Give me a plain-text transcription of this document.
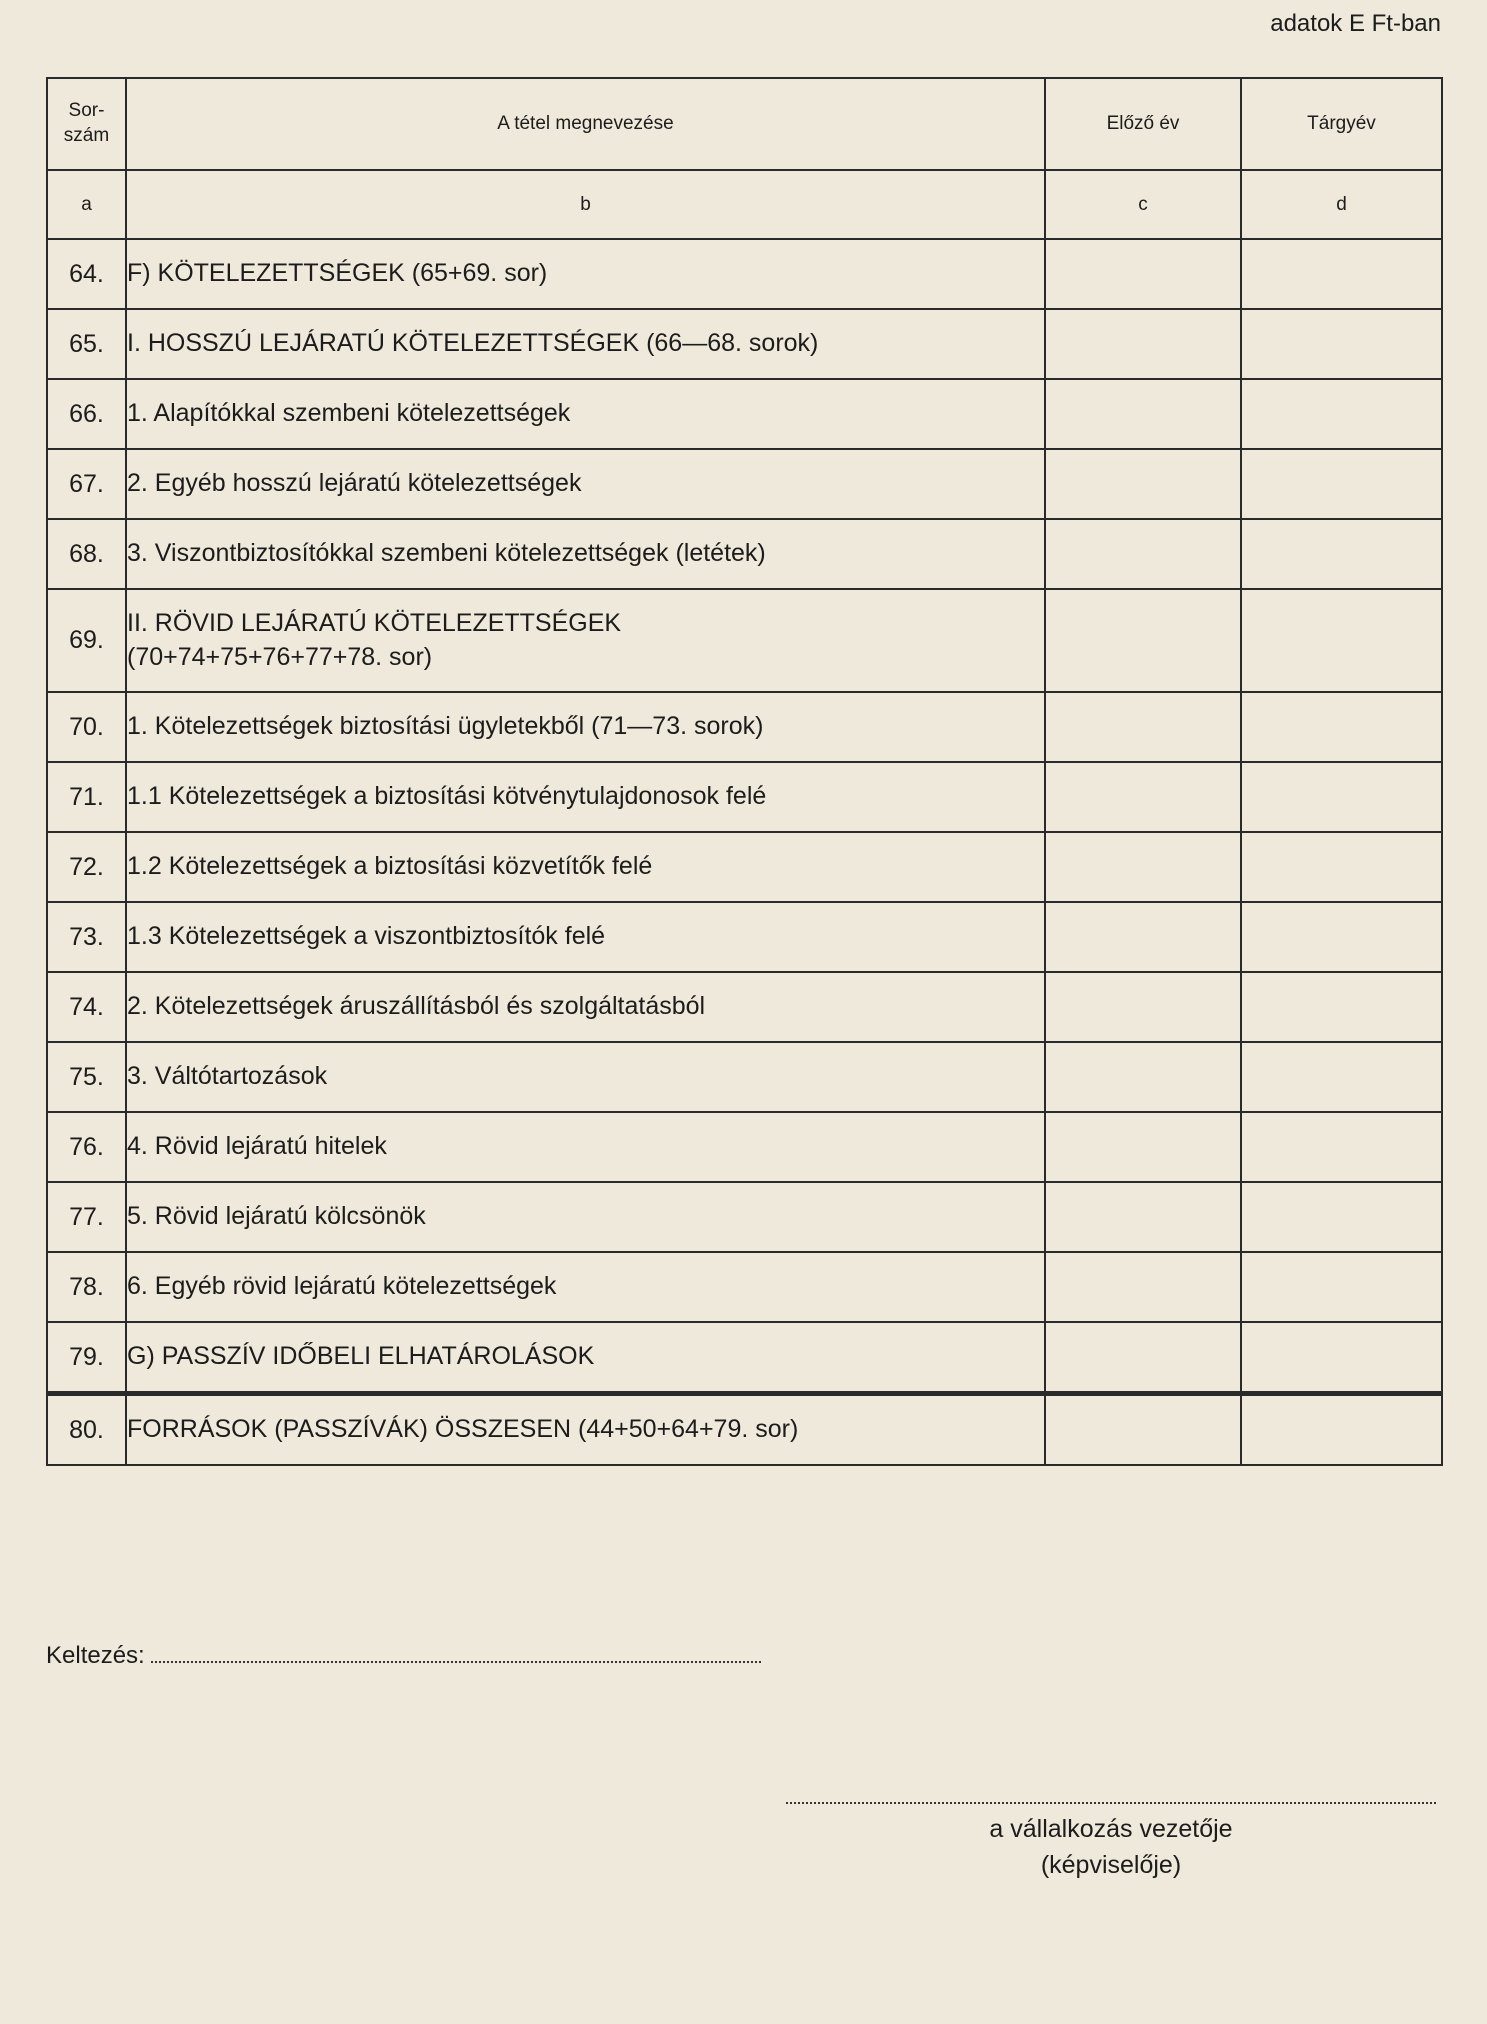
adatok E Ft-ban
Sor-
szám	A tétel megnevezése	Előző év	Tárgyév
a	b	c	d
64.	F) KÖTELEZETTSÉGEK (65+69. sor)		
65.	I. HOSSZÚ LEJÁRATÚ KÖTELEZETTSÉGEK (66—68. sorok)		
66.	1. Alapítókkal szembeni kötelezettségek		
67.	2. Egyéb hosszú lejáratú kötelezettségek		
68.	3. Viszontbiztosítókkal szembeni kötelezettségek (letétek)		
69.	II. RÖVID LEJÁRATÚ KÖTELEZETTSÉGEK
(70+74+75+76+77+78. sor)		
70.	1. Kötelezettségek biztosítási ügyletekből (71—73. sorok)		
71.	1.1 Kötelezettségek a biztosítási kötvénytulajdonosok felé		
72.	1.2 Kötelezettségek a biztosítási közvetítők felé		
73.	1.3 Kötelezettségek a viszontbiztosítók felé		
74.	2. Kötelezettségek áruszállításból és szolgáltatásból		
75.	3. Váltótartozások		
76.	4. Rövid lejáratú hitelek		
77.	5. Rövid lejáratú kölcsönök		
78.	6. Egyéb rövid lejáratú kötelezettségek		
79.	G) PASSZÍV IDŐBELI ELHATÁROLÁSOK		
80.	FORRÁSOK (PASSZÍVÁK) ÖSSZESEN (44+50+64+79. sor)		
Keltezés:
a vállalkozás vezetője
(képviselője)
